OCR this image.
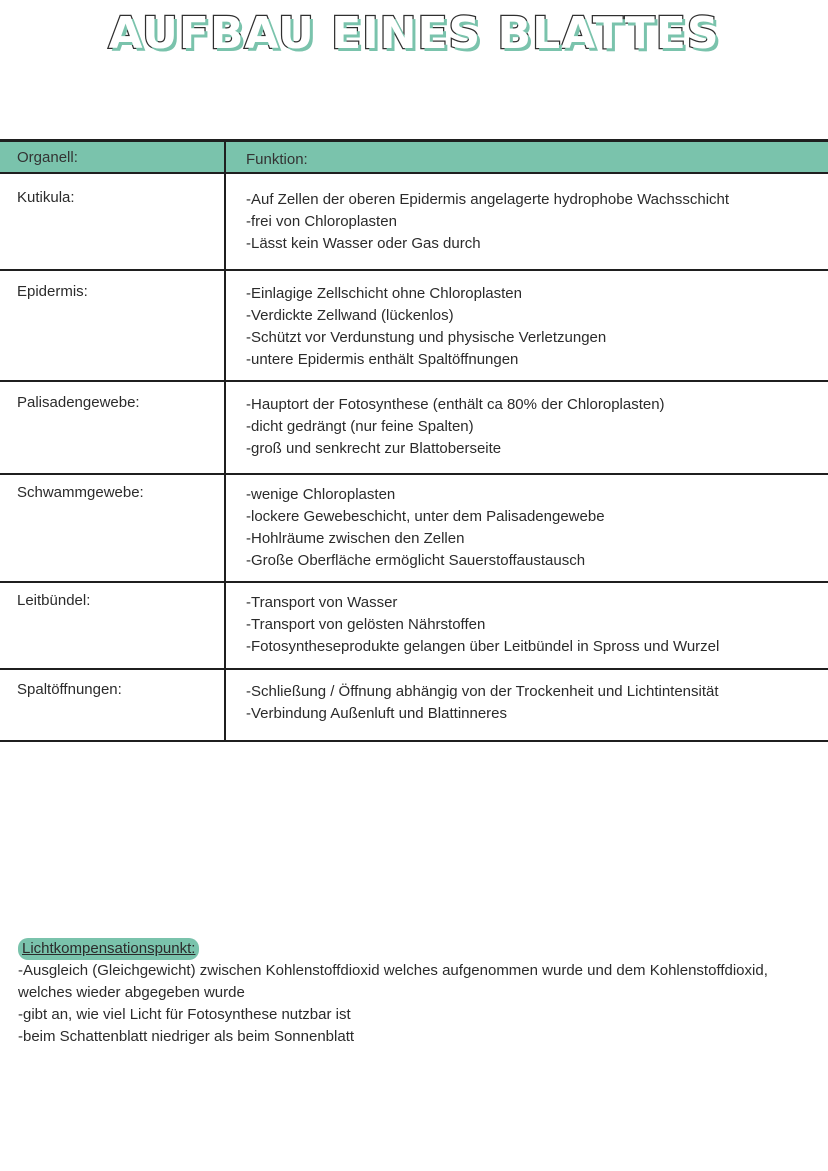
AUFBAU EINES BLATTES
Organell:	Funktion:
Kutikula:	-Auf Zellen der oberen Epidermis angelagerte hydrophobe Wachsschicht
-frei von Chloroplasten
-Lässt kein Wasser oder Gas durch
Epidermis:	-Einlagige Zellschicht ohne Chloroplasten
-Verdickte Zellwand (lückenlos)
-Schützt vor Verdunstung und physische Verletzungen
-untere Epidermis enthält Spaltöffnungen
Palisadengewebe:	-Hauptort der Fotosynthese (enthält ca 80% der Chloroplasten)
-dicht gedrängt (nur feine Spalten)
-groß und senkrecht zur Blattoberseite
Schwammgewebe:	-wenige Chloroplasten
-lockere Gewebeschicht, unter dem Palisadengewebe
-Hohlräume zwischen den Zellen
-Große Oberfläche ermöglicht Sauerstoffaustausch
Leitbündel:	-Transport von Wasser
-Transport von gelösten Nährstoffen
-Fotosyntheseprodukte gelangen über Leitbündel in Spross und Wurzel
Spaltöffnungen:	-Schließung / Öffnung abhängig von der Trockenheit und Lichtintensität
-Verbindung Außenluft und Blattinneres
Lichtkompensationspunkt:
-Ausgleich (Gleichgewicht) zwischen Kohlenstoffdioxid welches aufgenommen wurde und dem Kohlenstoffdioxid,
welches wieder abgegeben wurde
-gibt an, wie viel Licht für Fotosynthese nutzbar ist
-beim Schattenblatt niedriger als beim Sonnenblatt
